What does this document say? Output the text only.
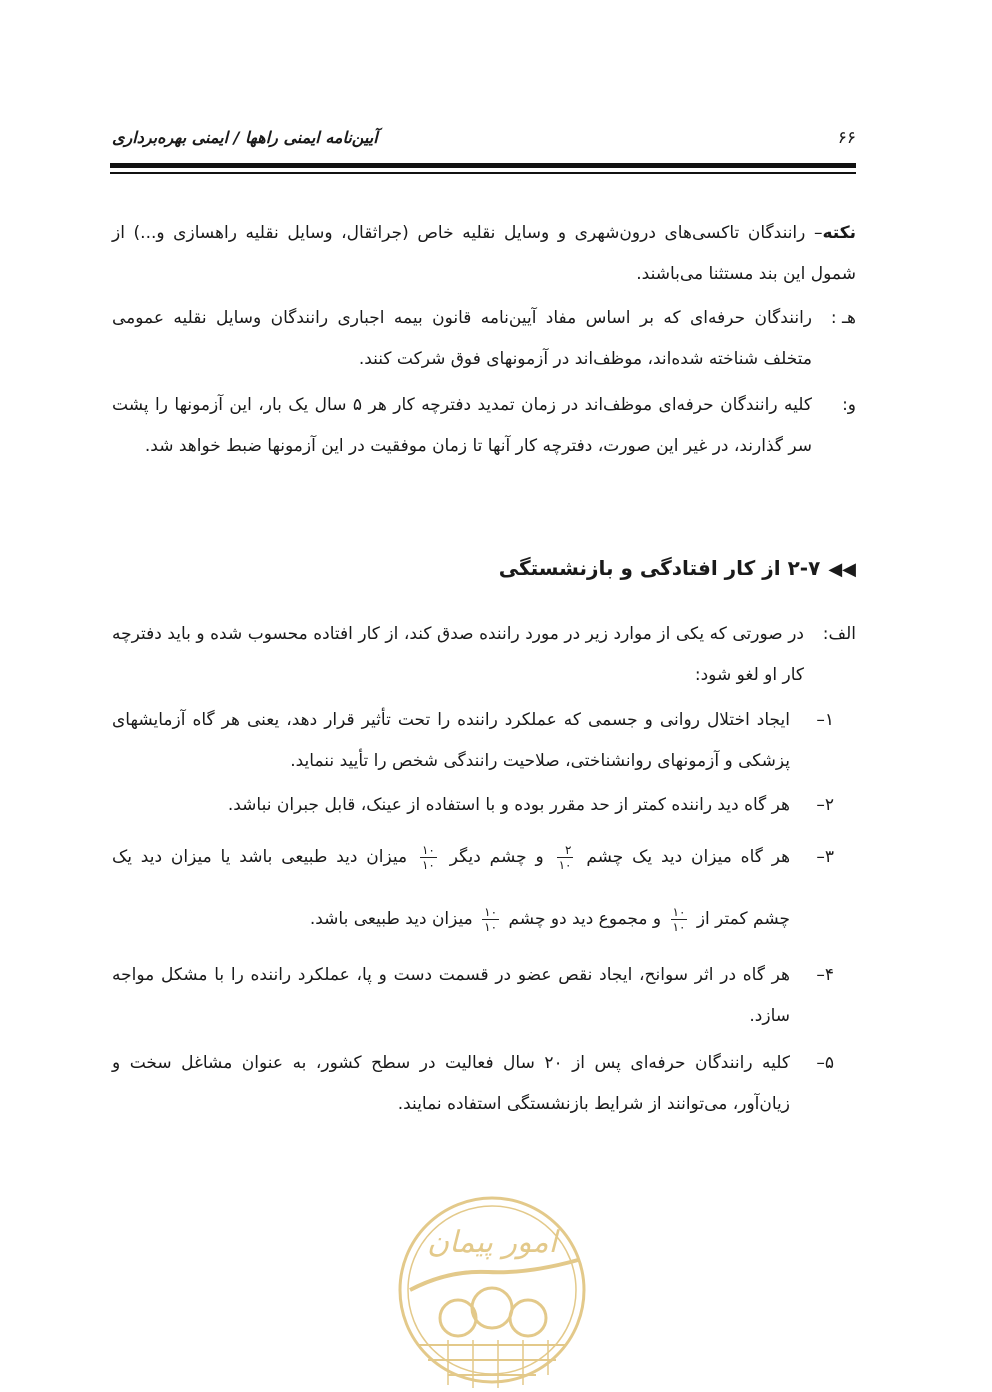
۶۶
آیین‌نامه ایمنی راهها / ایمنی بهره‌برداری
نکته– رانندگان تاکسی‌های درون‌شهری و وسایل نقلیه خاص (جراثقال، وسایل نقلیه راهسازی و...) از شمول این بند مستثنا می‌باشند.
هـ :
رانندگان حرفه‌ای که بر اساس مفاد آیین‌نامه قانون بیمه اجباری رانندگان وسایل نقلیه عمومی متخلف شناخته شده‌اند، موظف‌اند در آزمونهای فوق شرکت کنند.
و:
کلیه رانندگان حرفه‌ای موظف‌اند در زمان تمدید دفترچه کار هر ۵ سال یک بار، این آزمونها را پشت سر گذارند، در غیر این صورت، دفترچه کار آنها تا زمان موفقیت در این آزمونها ضبط خواهد شد.
◀◀۲-۷ از کار افتادگی و بازنشستگی
الف:
در صورتی که یکی از موارد زیر در مورد راننده صدق کند، از کار افتاده محسوب شده و باید دفترچه کار او لغو شود:
۱–
ایجاد اختلال روانی و جسمی که عملکرد راننده را تحت تأثیر قرار دهد، یعنی هر گاه آزمایشهای پزشکی و آزمونهای روانشناختی، صلاحیت رانندگی شخص را تأیید ننماید.
۲–
هر گاه دید راننده کمتر از حد مقرر بوده و با استفاده از عینک، قابل جبران نباشد.
۳–
هر گاه میزان دید یک چشم
$\frac{۲}{۱۰}$
و چشم دیگر
$\frac{۱۰}{۱۰}$
میزان دید طبیعی باشد یا میزان دید یک
چشم کمتر از
$\frac{۱۰}{۱۰}$
و مجموع دید دو چشم
$\frac{۱۰}{۱۰}$
میزان دید طبیعی باشد.
۴–
هر گاه در اثر سوانح، ایجاد نقص عضو در قسمت دست و پا، عملکرد راننده را با مشکل مواجه سازد.
۵–
کلیه رانندگان حرفه‌ای پس از ۲۰ سال فعالیت در سطح کشور، به عنوان مشاغل سخت و زیان‌آور، می‌توانند از شرایط بازنشستگی استفاده نمایند.
امور پیمان
